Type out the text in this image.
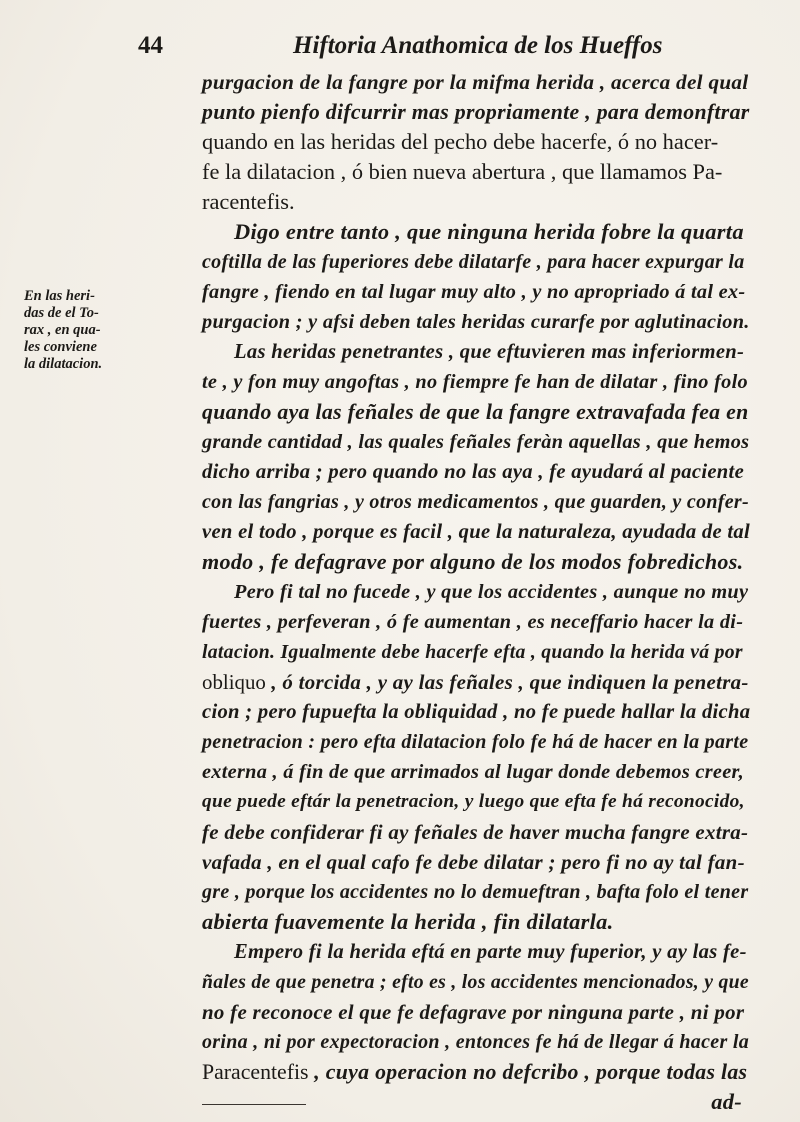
44	Hiftoria Anathomica de los Hueffos
En las heri-
das de el To-
rax , en qua-
les conviene
la dilatacion.
purgacion de la fangre por la mifma herida , acerca del qual
punto pienfo difcurrir mas propriamente , para demonftrar
quando en las heridas del pecho debe hacerfe, ó no hacer-
fe la dilatacion , ó bien nueva abertura , que llamamos Pa-
racentefis.
Digo entre tanto , que ninguna herida fobre la quarta
coftilla de las fuperiores debe dilatarfe , para hacer expurgar la
fangre , fiendo en tal lugar muy alto , y no apropriado á tal ex-
purgacion ; y afsi deben tales heridas curarfe por aglutinacion.
Las heridas penetrantes , que eftuvieren mas inferiormen-
te , y fon muy angoftas , no fiempre fe han de dilatar , fino folo
quando aya las feñales de que la fangre extravafada fea en
grande cantidad , las quales feñales feràn aquellas , que hemos
dicho arriba ; pero quando no las aya , fe ayudará al paciente
con las fangrias , y otros medicamentos , que guarden, y confer-
ven el todo , porque es facil , que la naturaleza, ayudada de tal
modo , fe defagrave por alguno de los modos fobredichos.
Pero fi tal no fucede , y que los accidentes , aunque no muy
fuertes , perfeveran , ó fe aumentan , es neceffario hacer la di-
latacion. Igualmente debe hacerfe efta , quando la herida vá por
obliquo , ó torcida , y ay las feñales , que indiquen la penetra-
cion ; pero fupuefta la obliquidad , no fe puede hallar la dicha
penetracion : pero efta dilatacion folo fe há de hacer en la parte
externa , á fin de que arrimados al lugar donde debemos creer,
que puede eftár la penetracion, y luego que efta fe há reconocido,
fe debe confiderar fi ay feñales de haver mucha fangre extra-
vafada , en el qual cafo fe debe dilatar ; pero fi no ay tal fan-
gre , porque los accidentes no lo demueftran , bafta folo el tener
abierta fuavemente la herida , fin dilatarla.
Empero fi la herida eftá en parte muy fuperior, y ay las fe-
ñales de que penetra ; efto es , los accidentes mencionados, y que
no fe reconoce el que fe defagrave por ninguna parte , ni por
orina , ni por expectoracion , entonces fe há de llegar á hacer la
Paracentefis , cuya operacion no defcribo , porque todas las
ad-
